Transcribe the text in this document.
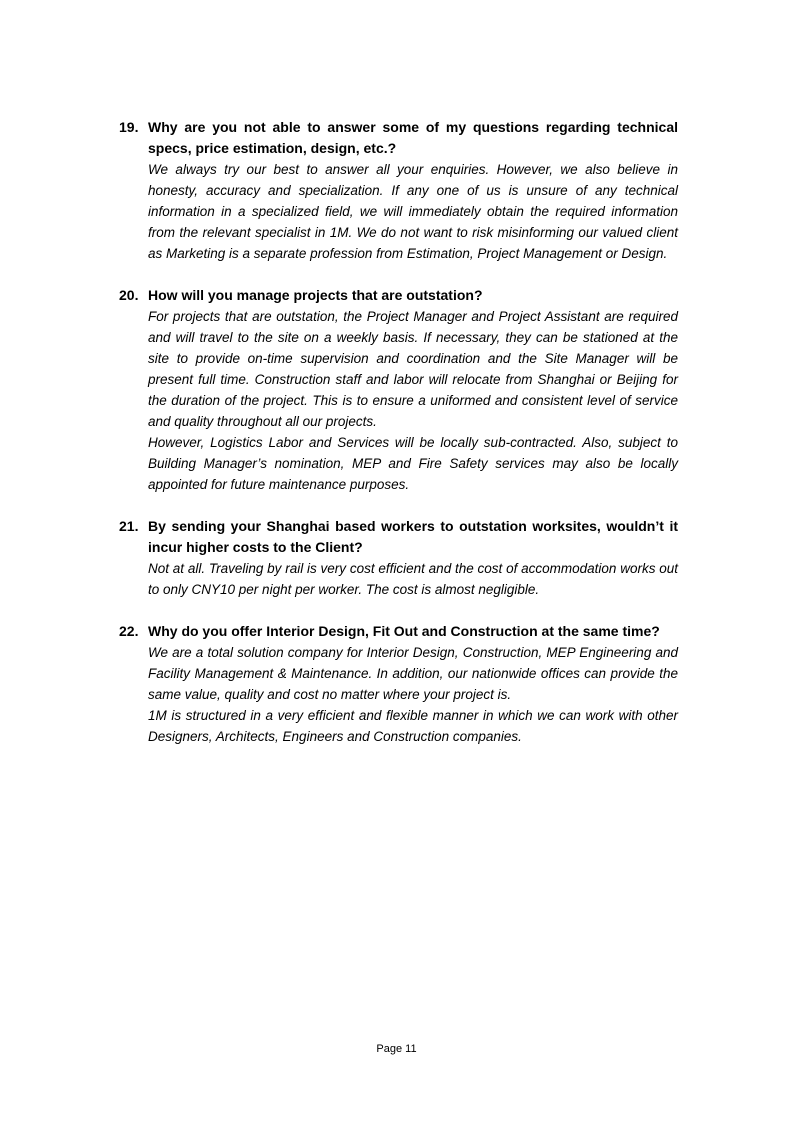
19. Why are you not able to answer some of my questions regarding technical specs, price estimation, design, etc.?

We always try our best to answer all your enquiries. However, we also believe in honesty, accuracy and specialization. If any one of us is unsure of any technical information in a specialized field, we will immediately obtain the required information from the relevant specialist in 1M. We do not want to risk misinforming our valued client as Marketing is a separate profession from Estimation, Project Management or Design.

20. How will you manage projects that are outstation?

For projects that are outstation, the Project Manager and Project Assistant are required and will travel to the site on a weekly basis. If necessary, they can be stationed at the site to provide on-time supervision and coordination and the Site Manager will be present full time. Construction staff and labor will relocate from Shanghai or Beijing for the duration of the project. This is to ensure a uniformed and consistent level of service and quality throughout all our projects.

However, Logistics Labor and Services will be locally sub-contracted. Also, subject to Building Manager’s nomination, MEP and Fire Safety services may also be locally appointed for future maintenance purposes.

21. By sending your Shanghai based workers to outstation worksites, wouldn’t it incur higher costs to the Client?

Not at all. Traveling by rail is very cost efficient and the cost of accommodation works out to only CNY10 per night per worker. The cost is almost negligible.

22. Why do you offer Interior Design, Fit Out and Construction at the same time?

We are a total solution company for Interior Design, Construction, MEP Engineering and Facility Management & Maintenance. In addition, our nationwide offices can provide the same value, quality and cost no matter where your project is.

1M is structured in a very efficient and flexible manner in which we can work with other Designers, Architects, Engineers and Construction companies.

Page 11
